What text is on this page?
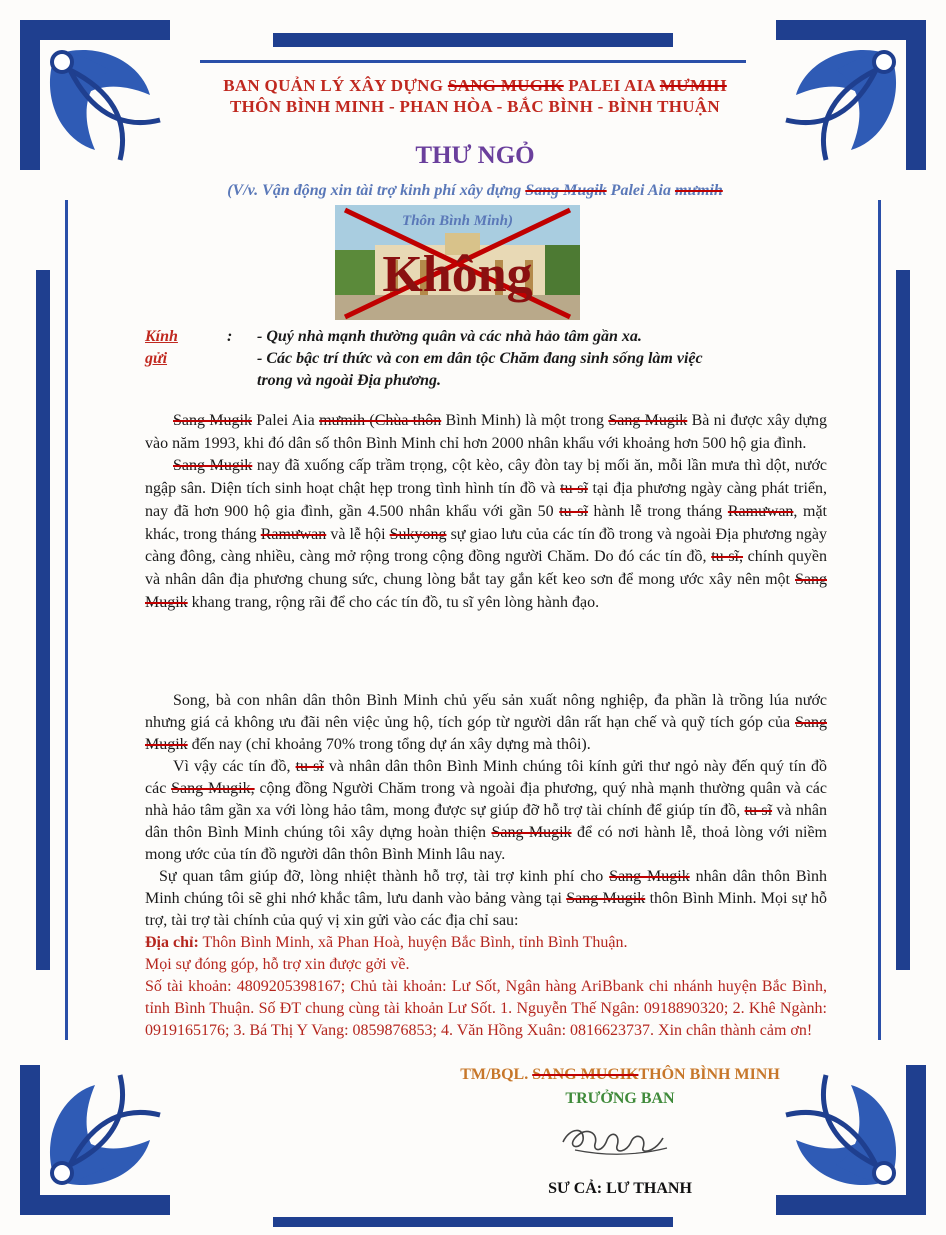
BAN QUẢN LÝ XÂY DỰNG SANG MUGIK PALEI AIA MƯMIH
THÔN BÌNH MINH - PHAN HÒA - BẮC BÌNH - BÌNH THUẬN
THƯ NGỎ
(V/v. Vận động xin tài trợ kinh phí xây dựng Sang Mugik Palei Aia mưmih
Thôn Bình Minh)
Không
Kính gửi
: - Quý nhà mạnh thường quân và các nhà hảo tâm gần xa.
- Các bậc trí thức và con em dân tộc Chăm đang sinh sống làm việc
trong và ngoài Địa phương.

Sang Mugik Palei Aia mưmih (Chùa thôn Bình Minh) là một trong Sang Mugik Bà ni được xây dựng vào năm 1993, khi đó dân số thôn Bình Minh chỉ hơn 2000 nhân khẩu với khoảng hơn 500 hộ gia đình.

Sang Mugik nay đã xuống cấp trầm trọng, cột kèo, cây đòn tay bị mối ăn, mỗi lần mưa thì dột, nước ngập sân. Diện tích sinh hoạt chật hẹp trong tình hình tín đồ và tu sĩ tại địa phương ngày càng phát triển, nay đã hơn 900 hộ gia đình, gần 4.500 nhân khẩu với gần 50 tu sĩ hành lễ trong tháng Ramưwan, mặt khác, trong tháng Ramưwan và lễ hội Sukyong sự giao lưu của các tín đồ trong và ngoài Địa phương ngày càng đông, càng nhiều, càng mở rộng trong cộng đồng người Chăm. Do đó các tín đồ, tu sĩ, chính quyền và nhân dân địa phương chung sức, chung lòng bắt tay gắn kết keo sơn để mong ước xây nên một Sang Mugik khang trang, rộng rãi để cho các tín đồ, tu sĩ yên lòng hành đạo.

Song, bà con nhân dân thôn Bình Minh chủ yếu sản xuất nông nghiệp, đa phần là trồng lúa nước nhưng giá cả không ưu đãi nên việc ủng hộ, tích góp từ người dân rất hạn chế và quỹ tích góp của Sang Mugik đến nay (chỉ khoảng 70% trong tổng dự án xây dựng mà thôi).

Vì vậy các tín đồ, tu sĩ và nhân dân thôn Bình Minh chúng tôi kính gửi thư ngỏ này đến quý tín đồ các Sang Mugik, cộng đồng Người Chăm trong và ngoài địa phương, quý nhà mạnh thường quân và các nhà hảo tâm gần xa với lòng hảo tâm, mong được sự giúp đỡ hỗ trợ tài chính để giúp tín đồ, tu sĩ và nhân dân thôn Bình Minh chúng tôi xây dựng hoàn thiện Sang Mugik để có nơi hành lễ, thoả lòng với niềm mong ước của tín đồ người dân thôn Bình Minh lâu nay.

Sự quan tâm giúp đỡ, lòng nhiệt thành hỗ trợ, tài trợ kinh phí cho Sang Mugik nhân dân thôn Bình Minh chúng tôi sẽ ghi nhớ khắc tâm, lưu danh vào bảng vàng tại Sang Mugik thôn Bình Minh. Mọi sự hỗ trợ, tài trợ tài chính của quý vị xin gửi vào các địa chỉ sau:

Địa chỉ: Thôn Bình Minh, xã Phan Hoà, huyện Bắc Bình, tỉnh Bình Thuận.

Mọi sự đóng góp, hỗ trợ xin được gởi về.

Số tài khoản: 4809205398167; Chủ tài khoản: Lư Sốt, Ngân hàng AriBbank chi nhánh huyện Bắc Bình, tỉnh Bình Thuận. Số ĐT chung cùng tài khoản Lư Sốt. 1. Nguyễn Thế Ngân: 0918890320; 2. Khê Ngành: 0919165176; 3. Bá Thị Y Vang: 0859876853; 4. Văn Hồng Xuân: 0816623737. Xin chân thành cảm ơn!

TM/BQL. SANG MUGIKTHÔN BÌNH MINH
TRƯỞNG BAN
SƯ CẢ: LƯ THANH
